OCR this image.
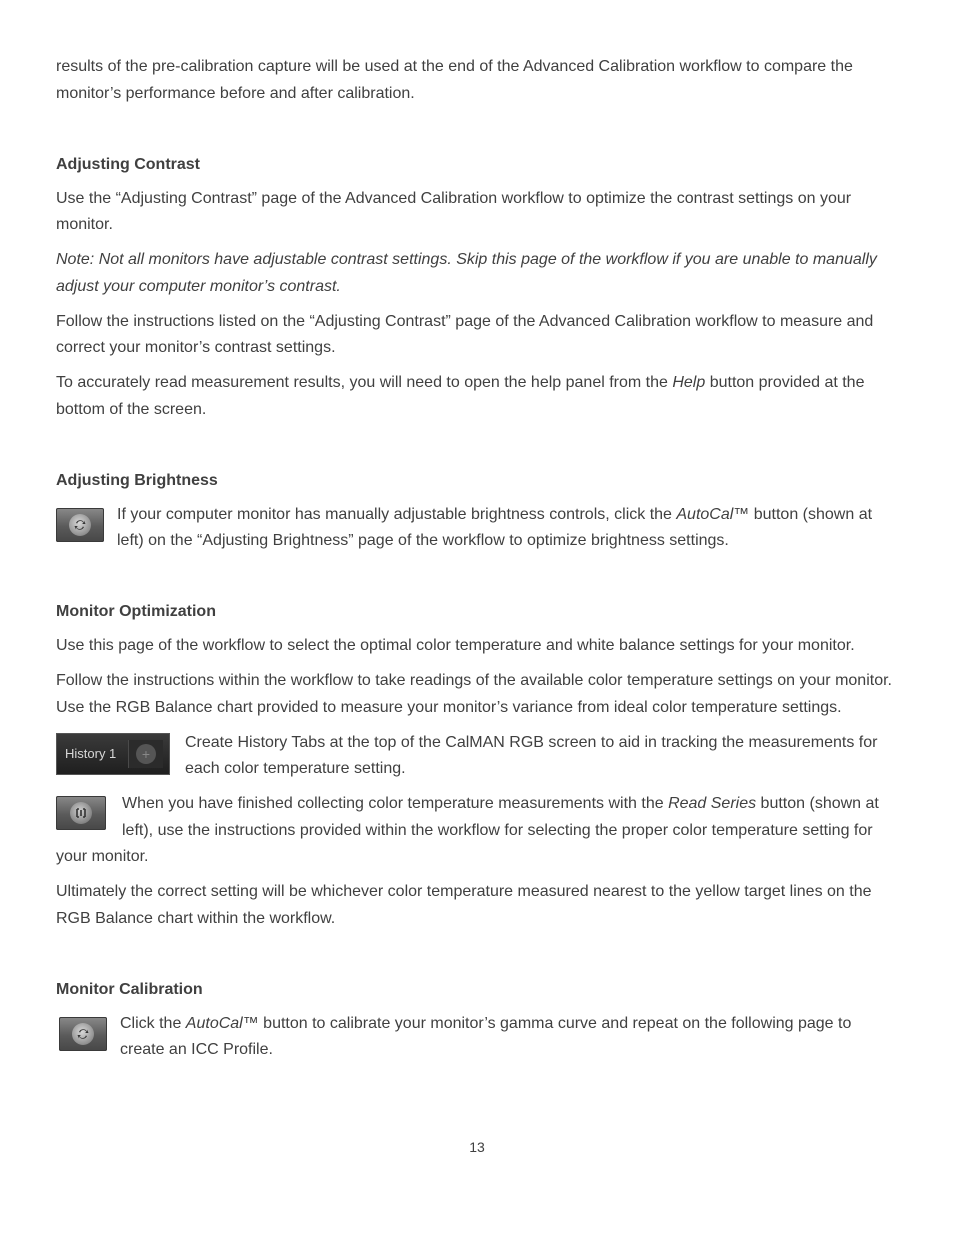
results of the pre-calibration capture will be used at the end of the Advanced Calibration workflow to compare the monitor’s performance before and after calibration.

Adjusting Contrast

Use the “Adjusting Contrast” page of the Advanced Calibration workflow to optimize the contrast settings on your monitor.

Note: Not all monitors have adjustable contrast settings. Skip this page of the workflow if you are unable to manually adjust your computer monitor’s contrast.

Follow the instructions listed on the “Adjusting Contrast” page of the Advanced Calibration workflow to measure and correct your monitor’s contrast settings.

To accurately read measurement results, you will need to open the help panel from the Help button provided at the bottom of the screen.

Adjusting Brightness

If your computer monitor has manually adjustable brightness controls, click the AutoCal™ button (shown at left) on the “Adjusting Brightness” page of the workflow to optimize brightness settings.

Monitor Optimization

Use this page of the workflow to select the optimal color temperature and white balance settings for your monitor.

Follow the instructions within the workflow to take readings of the available color temperature settings on your monitor. Use the RGB Balance chart provided to measure your monitor’s variance from ideal color temperature settings.

History 1	+

Create History Tabs at the top of the CalMAN RGB screen to aid in tracking the measurements for each color temperature setting.

When you have finished collecting color temperature measurements with the Read Series button (shown at left), use the instructions provided within the workflow for selecting the proper color temperature setting for your monitor.

Ultimately the correct setting will be whichever color temperature measured nearest to the yellow target lines on the RGB Balance chart within the workflow.

Monitor Calibration

Click the AutoCal™ button to calibrate your monitor’s gamma curve and repeat on the following page to create an ICC Profile.

13
